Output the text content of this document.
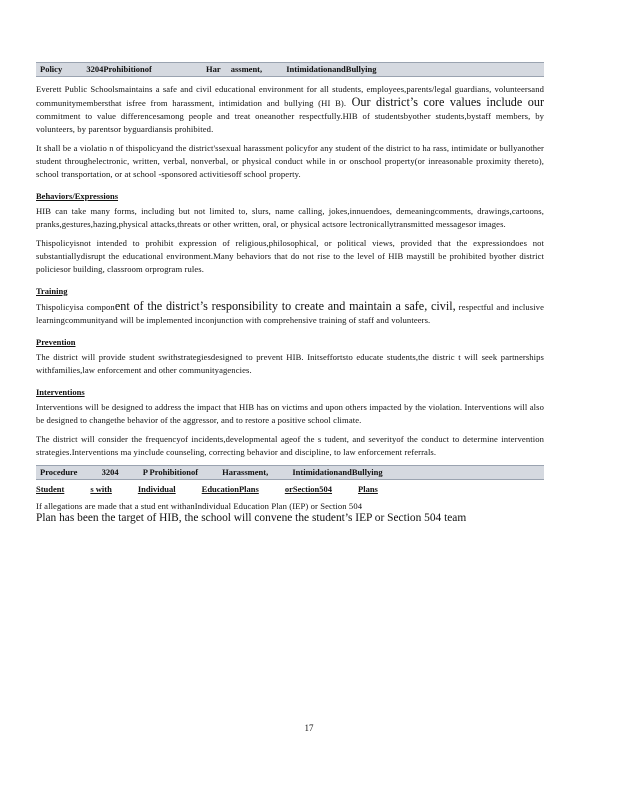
Policy	3204Prohibitionof	Har assment,	IntimidationandBullying

Everett Public Schoolsmaintains a safe and civil educational environment for all students, employees,parents/legal guardians, volunteersand communitymembersthat isfree from harassment, intimidation and bullying (HI B). Our district’s core values include our commitment to value differencesamong people and treat oneanother respectfully.HIB of studentsbyother students,bystaff members, by volunteers, by parentsor byguardiansis prohibited.

It shall be a violatio n of thispolicyand the district'ssexual harassment policyfor any student of the district to ha rass, intimidate or bullyanother student throughelectronic, written, verbal, nonverbal, or physical conduct while in or onschool property(or inreasonable proximity thereto), school transportation, or at school -sponsored activitiesoff school property.

Behaviors/Expressions

HIB can take many forms, including but not limited to, slurs, name calling, jokes,innuendoes, demeaningcomments, drawings,cartoons, pranks,gestures,hazing,physical attacks,threats or other written, oral, or physical actsore lectronicallytransmitted messagesor images.

Thispolicyisnot intended to prohibit expression of religious,philosophical, or political views, provided that the expressiondoes not substantiallydisrupt the educational environment.Many behaviors that do not rise to the level of HIB maystill be prohibited byother district policiesor building, classroom orprogram rules.

Training

Thispolicyisa component of the district’s responsibility to create and maintain a safe, civil, respectful and inclusive learningcommunityand will be implemented inconjunction with comprehensive training of staff and volunteers.

Prevention

The district will provide student swithstrategiesdesigned to prevent HIB. Initseffortsto educate students,the distric t will seek partnerships withfamilies,law enforcement and other communityagencies.

Interventions

Interventions will be designed to address the impact that HIB has on victims and upon others impacted by the violation. Interventions will also be designed to changethe behavior of the aggressor, and to restore a positive school climate.

The district will consider the frequencyof incidents,developmental ageof the s tudent, and severityof the conduct to determine intervention strategies.Interventions ma yinclude counseling, correcting behavior and discipline, to law enforcement referrals.

Procedure	3204	P Prohibitionof	Harassment,	IntimidationandBullying
Student	s with	Individual	EducationPlans	orSection504	Plans

If allegations are made that a stud ent withanIndividual Education Plan (IEP) or Section 504
Plan has been the target of HIB, the school will convene the student’s IEP or Section 504 team

17
